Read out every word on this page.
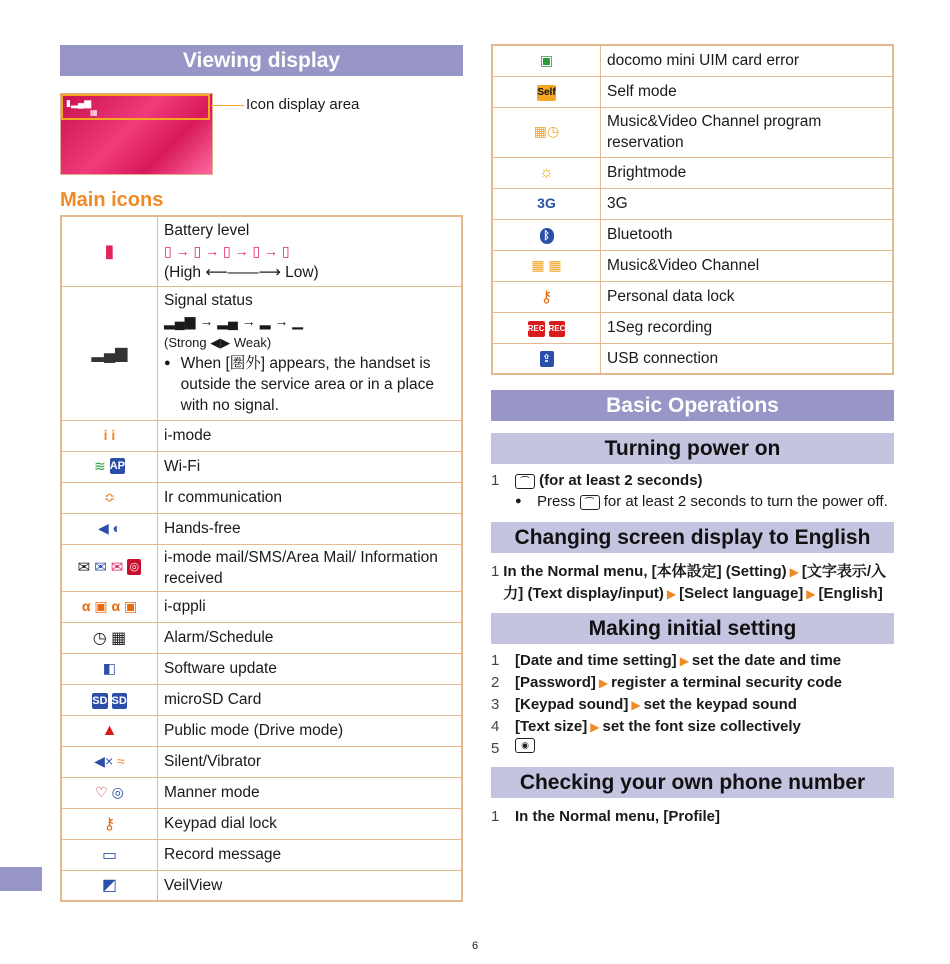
Viewing display
▮▂▄▆
▦	Icon display area
Main icons
▮	Battery level
▯ → ▯ → ▯ → ▯ → ▯
(High ⟵——⟶ Low)

▂▄▆	Signal status
▂▄▆ → ▂▄ → ▂ → ▁
(Strong ◀▶ Weak)
● When [圏外] appears, the handset is outside the service area or in a place with no signal.

i i	i-mode

≋ AP	Wi-Fi
≎	Ir communication
◀ ◐	Hands-free
✉ ✉ ✉ ◎	i-mode mail/SMS/Area Mail/ Information received
α ▣ α ▣	i-αppli
◷ ▦	Alarm/Schedule
◧	Software update

SD SD	microSD Card
▲	Public mode (Drive mode)
◀× ≈	Silent/Vibrator
♡ ◎	Manner mode
⚷	Keypad dial lock
▭	Record message
◩	VeilView
▣	docomo mini UIM card error

Self	Self mode
▦◷	Music&Video Channel program reservation
☼	Brightmode
3G	3G

ᛒ	Bluetooth
▦ ▦	Music&Video Channel
⚷	Personal data lock

REC REC	1Seg recording

⇪	USB connection
Basic Operations
Turning power on
1	⌒ (for at least 2 seconds)
●	Press ⌒ for at least 2 seconds to turn the power off.
Changing screen display to English
1 In the Normal menu, [本体設定] (Setting) ▶ [文字表示/入力] (Text display/input) ▶ [Select language] ▶ [English]
Making initial setting
1	[Date and time setting] ▶ set the date and time
2	[Password] ▶ register a terminal security code
3	[Keypad sound] ▶ set the keypad sound
4	[Text size] ▶ set the font size collectively
5	◉
Checking your own phone number
1	In the Normal menu, [Profile]
6
